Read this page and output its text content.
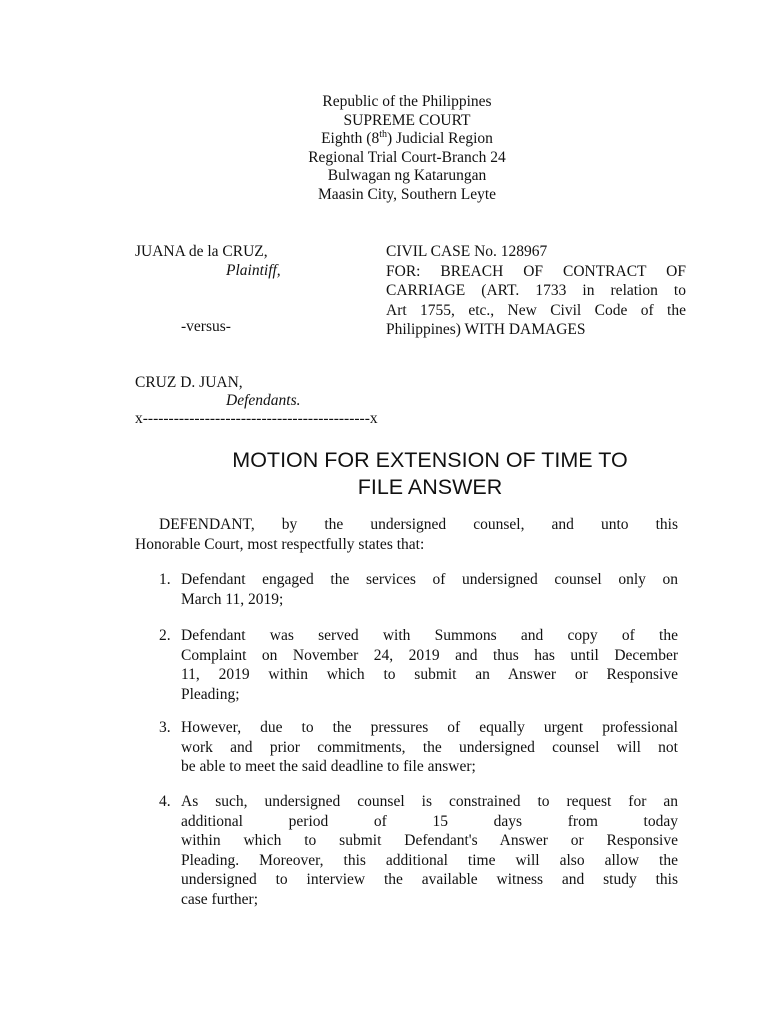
Republic of the Philippines
SUPREME COURT
Eighth (8th) Judicial Region
Regional Trial Court-Branch 24
Bulwagan ng Katarungan
Maasin City, Southern Leyte
JUANA de la CRUZ,
Plaintiff,
-versus-
CRUZ D. JUAN,
Defendants.
x--------------------------------------------x
CIVIL CASE No. 128967
FOR: BREACH OF CONTRACT OF
CARRIAGE (ART. 1733 in relation to
Art 1755, etc., New Civil Code of the
Philippines) WITH DAMAGES
MOTION FOR EXTENSION OF TIME TO
FILE ANSWER
DEFENDANT, by the undersigned counsel, and unto this
Honorable Court, most respectfully states that:
1. Defendant engaged the services of undersigned counsel only on
March 11, 2019;
2. Defendant was served with Summons and copy of the
Complaint on November 24, 2019 and thus has until December
11, 2019 within which to submit an Answer or Responsive
Pleading;
3. However, due to the pressures of equally urgent professional
work and prior commitments, the undersigned counsel will not
be able to meet the said deadline to file answer;
4. As such, undersigned counsel is constrained to request for an
additional period of 15 days from today
within which to submit Defendant's Answer or Responsive
Pleading. Moreover, this additional time will also allow the
undersigned to interview the available witness and study this
case further;
